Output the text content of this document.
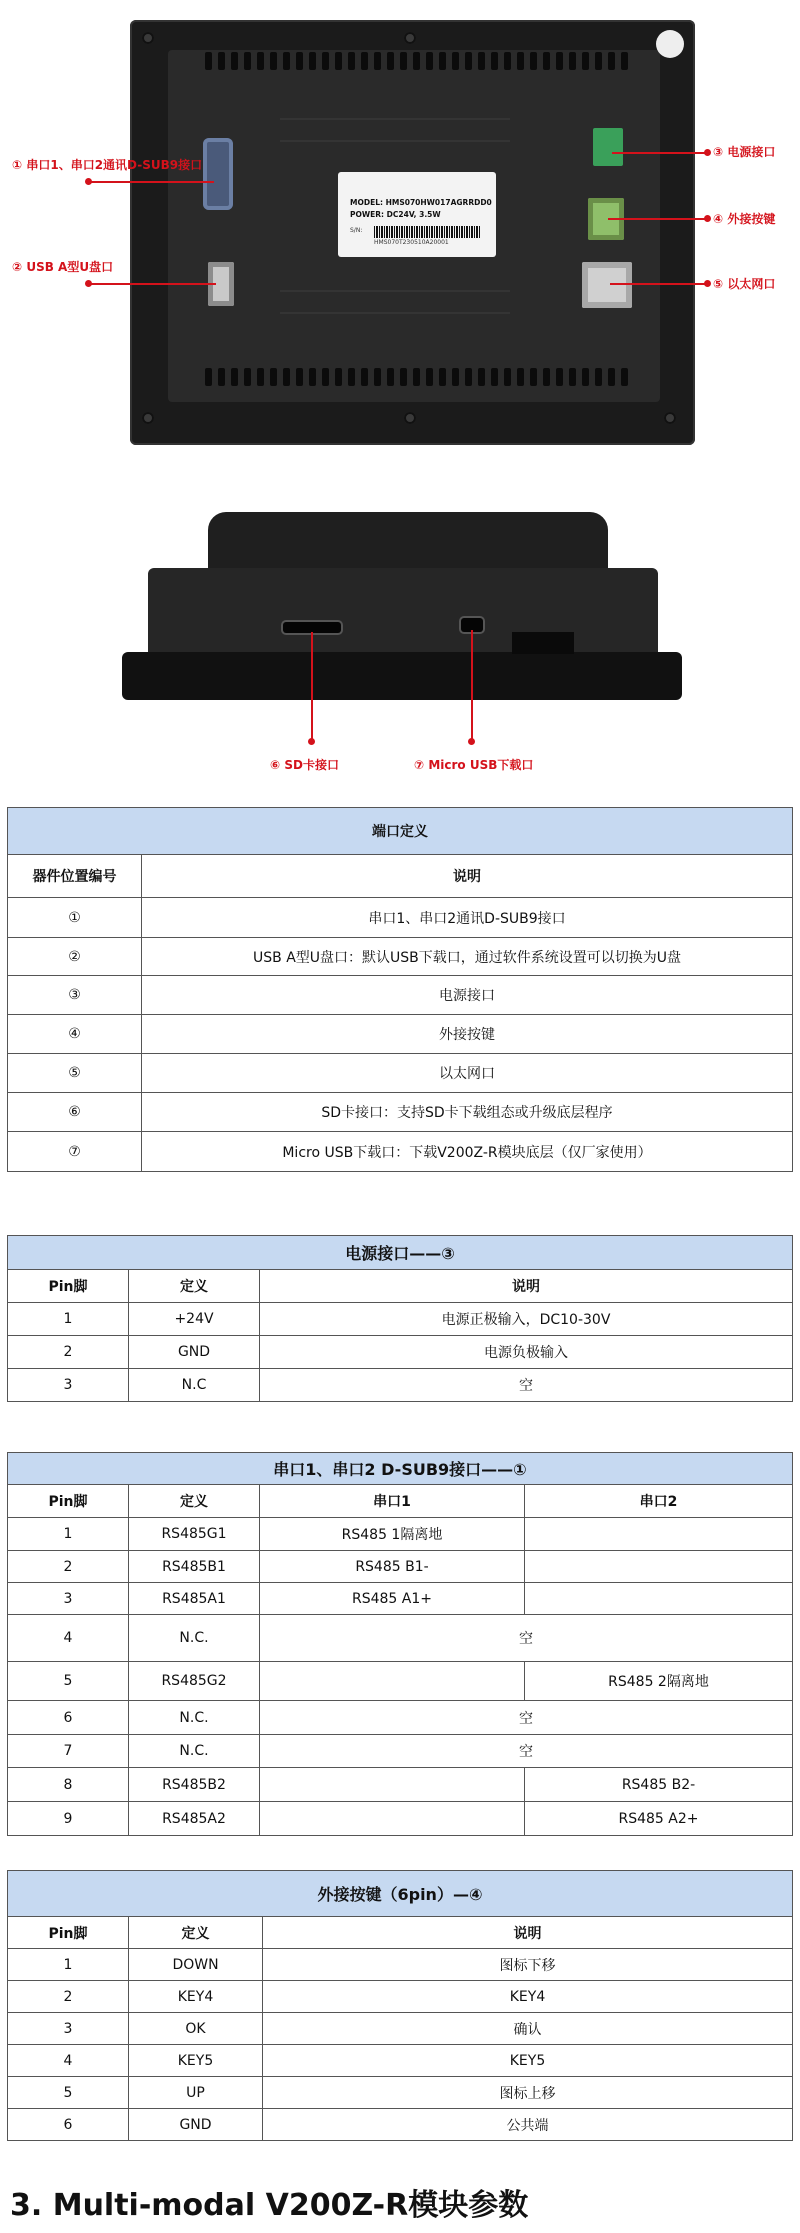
MODEL: HMS070HW017AGRRDD0
POWER: DC24V, 3.5W
S/N:
HMS070T230510A20001
① 串口1、串口2通讯D-SUB9接口
② USB A型U盘口
③ 电源接口
④ 外接按键
⑤ 以太网口
⑥ SD卡接口	⑦ Micro USB下载口
端口定义	
器件位置编号	说明
①	串口1、串口2通讯D-SUB9接口
②	USB A型U盘口：默认USB下载口，通过软件系统设置可以切换为U盘
③	电源接口
④	外接按键
⑤	以太网口
⑥	SD卡接口：支持SD卡下载组态或升级底层程序
⑦	Micro USB下载口：下载V200Z-R模块底层（仅厂家使用）
电源接口——③		
Pin脚	定义	说明
1	+24V	电源正极输入，DC10-30V
2	GND	电源负极输入
3	N.C	空
串口1、串口2 D-SUB9接口——①			
Pin脚	定义	串口1	串口2
1	RS485G1	RS485 1隔离地	
2	RS485B1	RS485 B1-	
3	RS485A1	RS485 A1+	
4	N.C.	空	
5	RS485G2		RS485 2隔离地
6	N.C.	空	
7	N.C.	空	
8	RS485B2		RS485 B2-
9	RS485A2		RS485 A2+
外接按键（6pin）—④		
Pin脚	定义	说明
1	DOWN	图标下移
2	KEY4	KEY4
3	OK	确认
4	KEY5	KEY5
5	UP	图标上移
6	GND	公共端
3. Multi-modal V200Z-R模块参数
